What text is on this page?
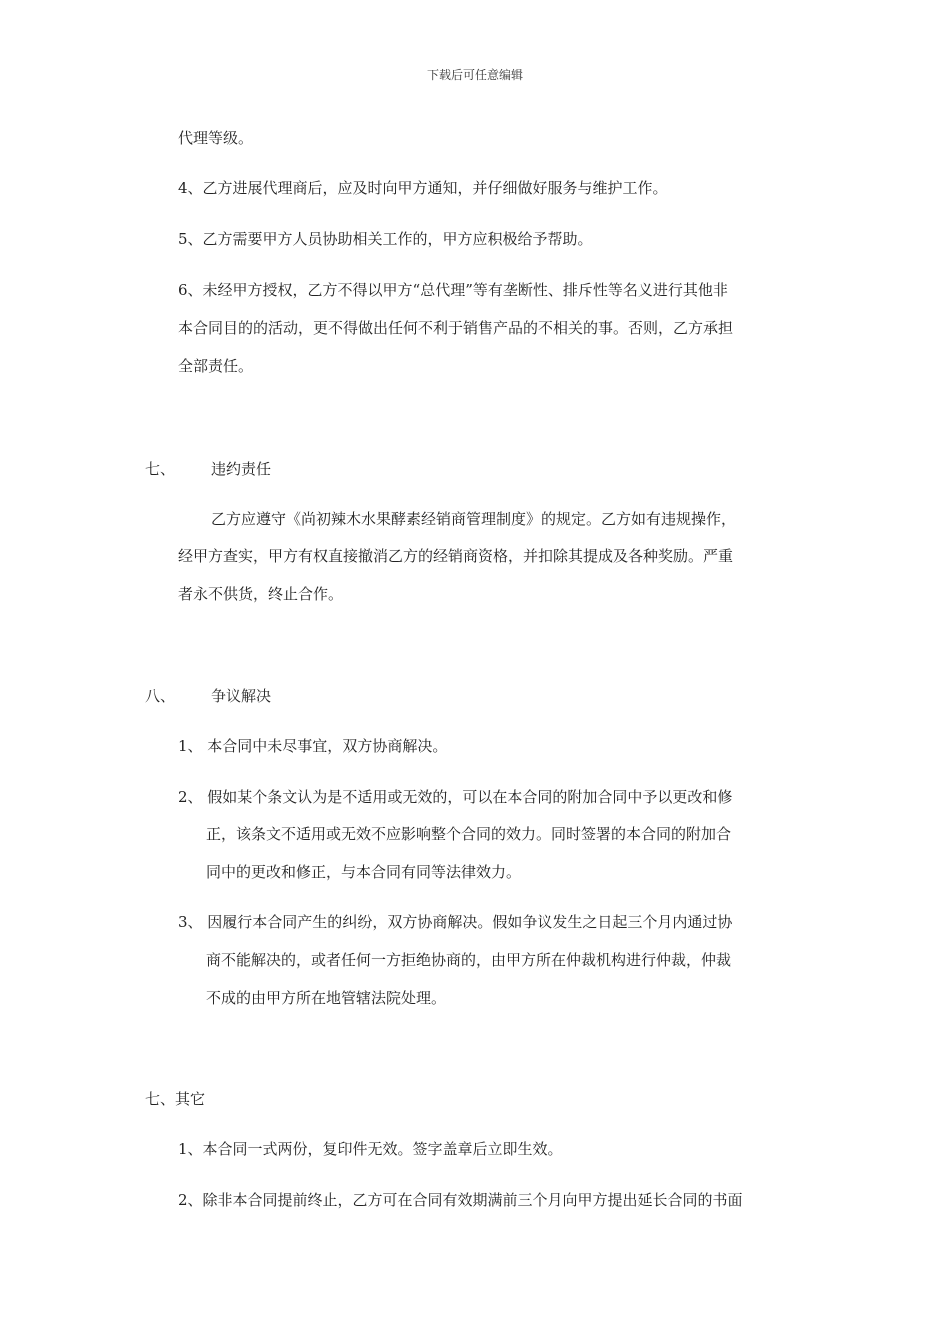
下载后可任意编辑
代理等级。
4、乙方进展代理商后，应及时向甲方通知，并仔细做好服务与维护工作。
5、乙方需要甲方人员协助相关工作的，甲方应积极给予帮助。
6、未经甲方授权，乙方不得以甲方“总代理”等有垄断性、排斥性等名义进行其他非
本合同目的的活动，更不得做出任何不利于销售产品的不相关的事。否则，乙方承担
全部责任。
七、 违约责任
乙方应遵守《尚初辣木水果酵素经销商管理制度》的规定。乙方如有违规操作，
经甲方查实，甲方有权直接撤消乙方的经销商资格，并扣除其提成及各种奖励。严重
者永不供货，终止合作。
八、 争议解决
1、 本合同中未尽事宜，双方协商解决。
2、 假如某个条文认为是不适用或无效的，可以在本合同的附加合同中予以更改和修
正，该条文不适用或无效不应影响整个合同的效力。同时签署的本合同的附加合
同中的更改和修正，与本合同有同等法律效力。
3、 因履行本合同产生的纠纷，双方协商解决。假如争议发生之日起三个月内通过协
商不能解决的，或者任何一方拒绝协商的，由甲方所在仲裁机构进行仲裁，仲裁
不成的由甲方所在地管辖法院处理。
七、其它
1、本合同一式两份，复印件无效。签字盖章后立即生效。
2、除非本合同提前终止，乙方可在合同有效期满前三个月向甲方提出延长合同的书面
